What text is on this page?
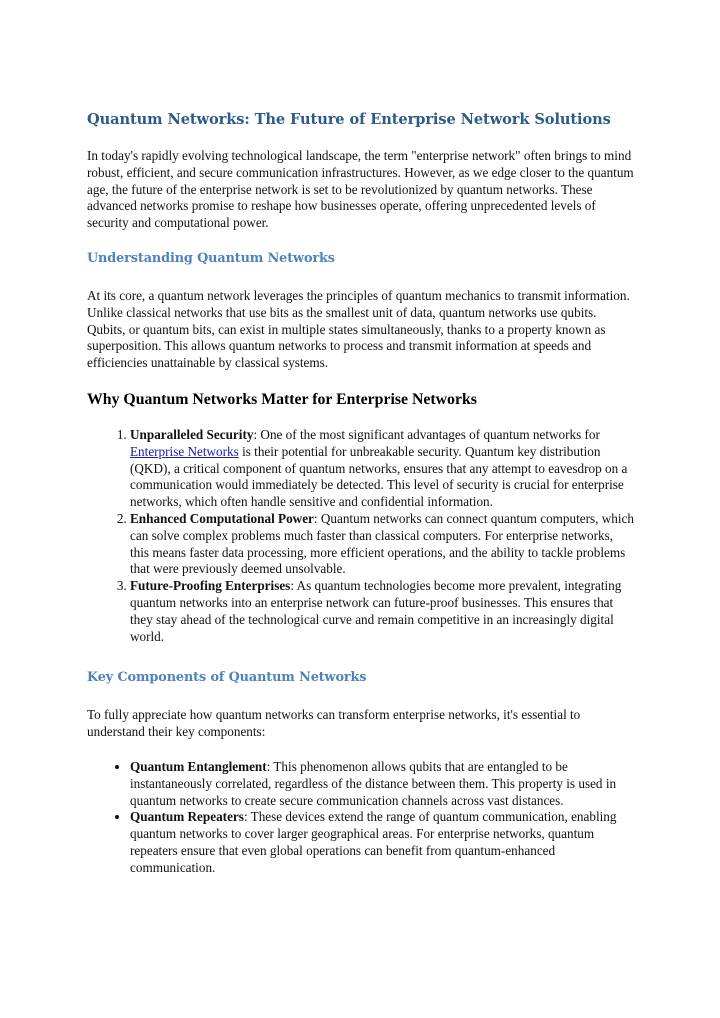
Quantum Networks: The Future of Enterprise Network Solutions

In today's rapidly evolving technological landscape, the term "enterprise network" often brings to mind robust, efficient, and secure communication infrastructures. However, as we edge closer to the quantum age, the future of the enterprise network is set to be revolutionized by quantum networks. These advanced networks promise to reshape how businesses operate, offering unprecedented levels of security and computational power.

Understanding Quantum Networks

At its core, a quantum network leverages the principles of quantum mechanics to transmit information. Unlike classical networks that use bits as the smallest unit of data, quantum networks use qubits. Qubits, or quantum bits, can exist in multiple states simultaneously, thanks to a property known as superposition. This allows quantum networks to process and transmit information at speeds and efficiencies unattainable by classical systems.

Why Quantum Networks Matter for Enterprise Networks
1. Unparalleled Security: One of the most significant advantages of quantum networks for Enterprise Networks is their potential for unbreakable security. Quantum key distribution (QKD), a critical component of quantum networks, ensures that any attempt to eavesdrop on a communication would immediately be detected. This level of security is crucial for enterprise networks, which often handle sensitive and confidential information.
2. Enhanced Computational Power: Quantum networks can connect quantum computers, which can solve complex problems much faster than classical computers. For enterprise networks, this means faster data processing, more efficient operations, and the ability to tackle problems that were previously deemed unsolvable.
3. Future-Proofing Enterprises: As quantum technologies become more prevalent, integrating quantum networks into an enterprise network can future-proof businesses. This ensures that they stay ahead of the technological curve and remain competitive in an increasingly digital world.
Key Components of Quantum Networks

To fully appreciate how quantum networks can transform enterprise networks, it's essential to understand their key components:

• Quantum Entanglement: This phenomenon allows qubits that are entangled to be instantaneously correlated, regardless of the distance between them. This property is used in quantum networks to create secure communication channels across vast distances.
• Quantum Repeaters: These devices extend the range of quantum communication, enabling quantum networks to cover larger geographical areas. For enterprise networks, quantum repeaters ensure that even global operations can benefit from quantum-enhanced communication.
